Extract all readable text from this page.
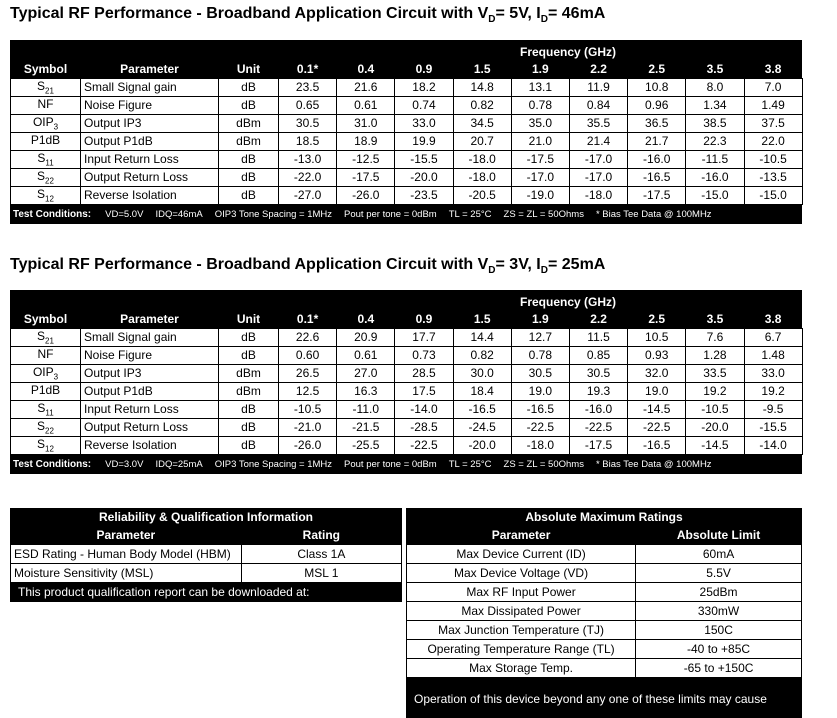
Typical RF Performance - Broadband Application Circuit with $V_D= 5V$, $I_D= 46mA$
Frequency (GHz)
Symbol	Parameter	Unit	0.1*	0.4	0.9	1.5	1.9	2.2	2.5	3.5	3.8
$S_{21}$	Small Signal gain	dB	23.5	21.6	18.2	14.8	13.1	11.9	10.8	8.0	7.0
NF	Noise Figure	dB	0.65	0.61	0.74	0.82	0.78	0.84	0.96	1.34	1.49
$OIP_3$	Output IP3	dBm	30.5	31.0	33.0	34.5	35.0	35.5	36.5	38.5	37.5
P1dB	Output P1dB	dBm	18.5	18.9	19.9	20.7	21.0	21.4	21.7	22.3	22.0
$S_{11}$	Input Return Loss	dB	-13.0	-12.5	-15.5	-18.0	-17.5	-17.0	-16.0	-11.5	-10.5
$S_{22}$	Output Return Loss	dB	-22.0	-17.5	-20.0	-18.0	-17.0	-17.0	-16.5	-16.0	-13.5
$S_{12}$	Reverse Isolation	dB	-27.0	-26.0	-23.5	-20.5	-19.0	-18.0	-17.5	-15.0	-15.0
Test Conditions: VD=5.0V IDQ=46mA OIP3 Tone Spacing = 1MHz Pout per tone = 0dBm TL = 25°C ZS = ZL = 50Ohms * Bias Tee Data @ 100MHz
Typical RF Performance - Broadband Application Circuit with $V_D= 3V$, $I_D= 25mA$
Frequency (GHz)
Symbol	Parameter	Unit	0.1*	0.4	0.9	1.5	1.9	2.2	2.5	3.5	3.8
$S_{21}$	Small Signal gain	dB	22.6	20.9	17.7	14.4	12.7	11.5	10.5	7.6	6.7
NF	Noise Figure	dB	0.60	0.61	0.73	0.82	0.78	0.85	0.93	1.28	1.48
$OIP_3$	Output IP3	dBm	26.5	27.0	28.5	30.0	30.5	30.5	32.0	33.5	33.0
P1dB	Output P1dB	dBm	12.5	16.3	17.5	18.4	19.0	19.3	19.0	19.2	19.2
$S_{11}$	Input Return Loss	dB	-10.5	-11.0	-14.0	-16.5	-16.5	-16.0	-14.5	-10.5	-9.5
$S_{22}$	Output Return Loss	dB	-21.0	-21.5	-28.5	-24.5	-22.5	-22.5	-22.5	-20.0	-15.5
$S_{12}$	Reverse Isolation	dB	-26.0	-25.5	-22.5	-20.0	-18.0	-17.5	-16.5	-14.5	-14.0
Test Conditions: VD=3.0V IDQ=25mA OIP3 Tone Spacing = 1MHz Pout per tone = 0dBm TL = 25°C ZS = ZL = 50Ohms * Bias Tee Data @ 100MHz
Reliability & Qualification Information
Parameter	Rating
ESD Rating - Human Body Model (HBM)	Class 1A
Moisture Sensitivity (MSL)	MSL 1
This product qualification report can be downloaded at: www.sirenza.com
Absolute Maximum Ratings
Parameter	Absolute Limit
Max Device Current (ID)	60mA
Max Device Voltage (VD)	5.5V
Max RF Input Power	25dBm
Max Dissipated Power	330mW
Max Junction Temperature (TJ)	150C
Operating Temperature Range (TL)	-40 to +85C
Max Storage Temp.	-65 to +150C
Operation of this device beyond any one of these limits may cause
